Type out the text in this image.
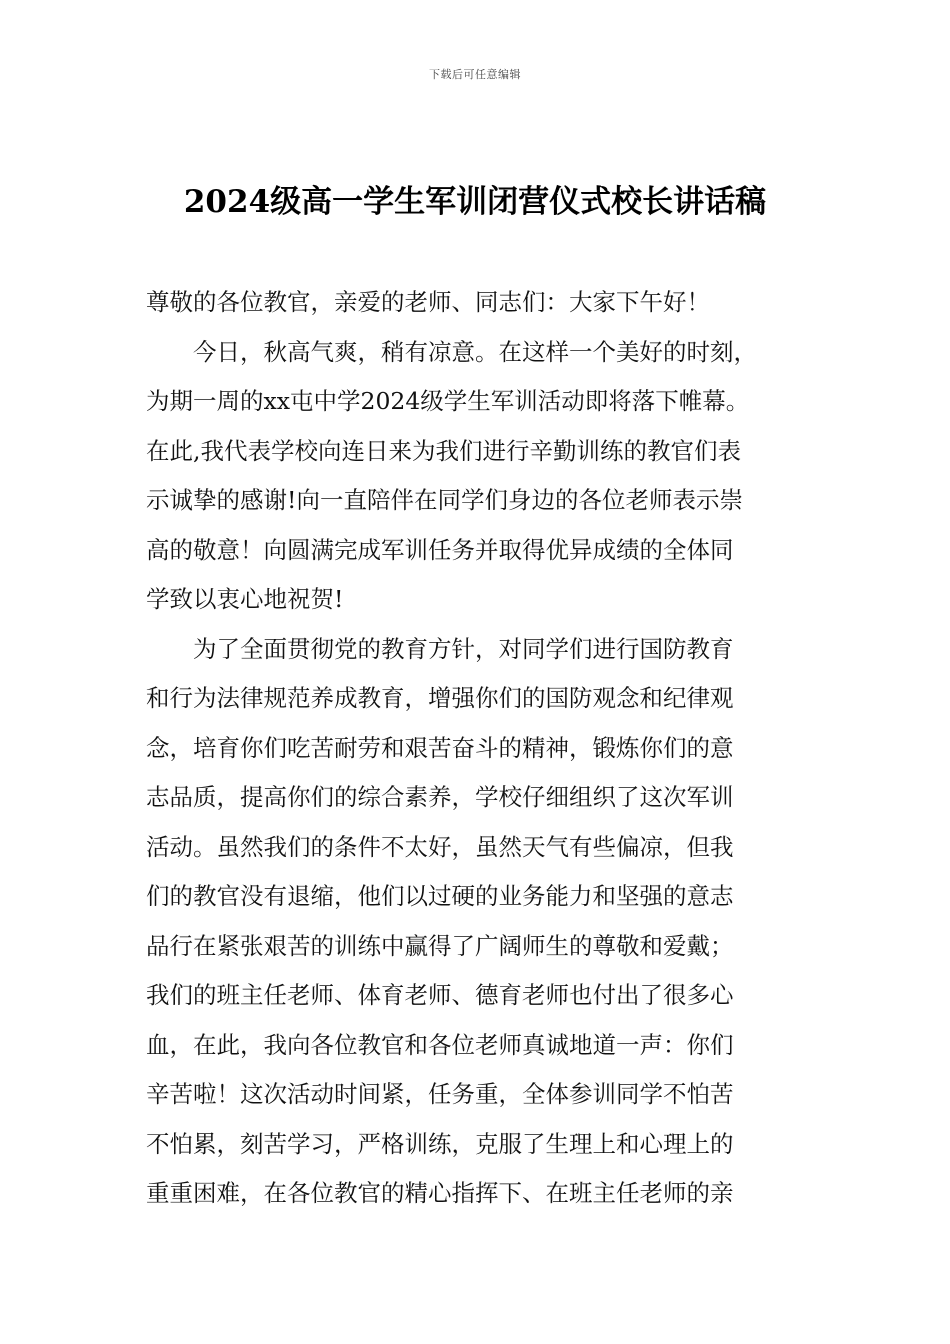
下载后可任意编辑
2024级高一学生军训闭营仪式校长讲话稿
尊敬的各位教官，亲爱的老师、同志们：大家下午好！
今日，秋高气爽，稍有凉意。在这样一个美好的时刻，
为期一周的xx屯中学2024级学生军训活动即将落下帷幕。
在此,我代表学校向连日来为我们进行辛勤训练的教官们表
示诚挚的感谢!向一直陪伴在同学们身边的各位老师表示崇
高的敬意！向圆满完成军训任务并取得优异成绩的全体同
学致以衷心地祝贺!
为了全面贯彻党的教育方针，对同学们进行国防教育
和行为法律规范养成教育，增强你们的国防观念和纪律观
念，培育你们吃苦耐劳和艰苦奋斗的精神，锻炼你们的意
志品质，提高你们的综合素养，学校仔细组织了这次军训
活动。虽然我们的条件不太好，虽然天气有些偏凉，但我
们的教官没有退缩，他们以过硬的业务能力和坚强的意志
品行在紧张艰苦的训练中赢得了广阔师生的尊敬和爱戴；
我们的班主任老师、体育老师、德育老师也付出了很多心
血，在此，我向各位教官和各位老师真诚地道一声：你们
辛苦啦！这次活动时间紧，任务重，全体参训同学不怕苦
不怕累，刻苦学习，严格训练，克服了生理上和心理上的
重重困难，在各位教官的精心指挥下、在班主任老师的亲
